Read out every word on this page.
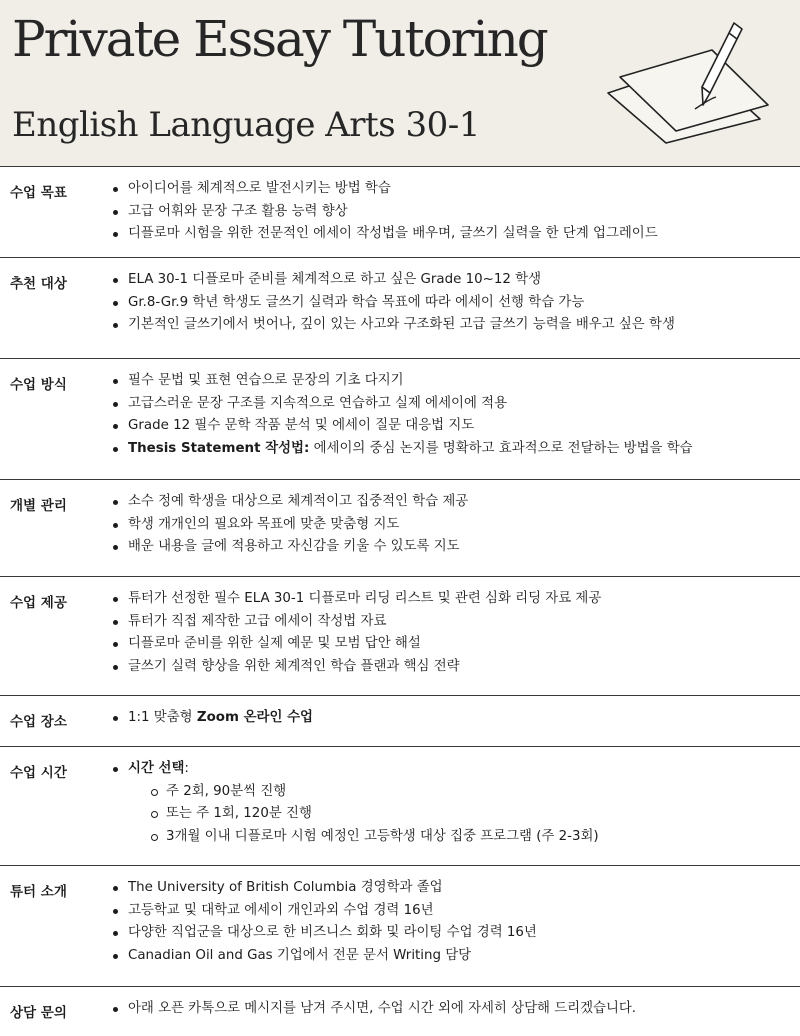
Private Essay Tutoring
English Language Arts 30-1
수업 목표	아이디어를 체계적으로 발전시키는 방법 학습
고급 어휘와 문장 구조 활용 능력 향상
디플로마 시험을 위한 전문적인 에세이 작성법을 배우며, 글쓰기 실력을 한 단계 업그레이드
추천 대상	ELA 30-1 디플로마 준비를 체계적으로 하고 싶은 Grade 10~12 학생
Gr.8-Gr.9 학년 학생도 글쓰기 실력과 학습 목표에 따라 에세이 선행 학습 가능
기본적인 글쓰기에서 벗어나, 깊이 있는 사고와 구조화된 고급 글쓰기 능력을 배우고 싶은 학생
수업 방식	필수 문법 및 표현 연습으로 문장의 기초 다지기
고급스러운 문장 구조를 지속적으로 연습하고 실제 에세이에 적용
Grade 12 필수 문학 작품 분석 및 에세이 질문 대응법 지도
Thesis Statement 작성법: 에세이의 중심 논지를 명확하고 효과적으로 전달하는 방법을 학습
개별 관리	소수 정예 학생을 대상으로 체계적이고 집중적인 학습 제공
학생 개개인의 필요와 목표에 맞춘 맞춤형 지도
배운 내용을 글에 적용하고 자신감을 키울 수 있도록 지도
수업 제공	튜터가 선정한 필수 ELA 30-1 디플로마 리딩 리스트 및 관련 심화 리딩 자료 제공
튜터가 직접 제작한 고급 에세이 작성법 자료
디플로마 준비를 위한 실제 예문 및 모범 답안 해설
글쓰기 실력 향상을 위한 체계적인 학습 플랜과 핵심 전략
수업 장소	1:1 맞춤형 Zoom 온라인 수업
수업 시간	시간 선택:
주 2회, 90분씩 진행
또는 주 1회, 120분 진행
3개월 이내 디플로마 시험 예정인 고등학생 대상 집중 프로그램 (주 2-3회)
튜터 소개	The University of British Columbia 경영학과 졸업
고등학교 및 대학교 에세이 개인과외 수업 경력 16년
다양한 직업군을 대상으로 한 비즈니스 회화 및 라이팅 수업 경력 16년
Canadian Oil and Gas 기업에서 전문 문서 Writing 담당
상담 문의	아래 오픈 카톡으로 메시지를 남겨 주시면, 수업 시간 외에 자세히 상담해 드리겠습니다.
